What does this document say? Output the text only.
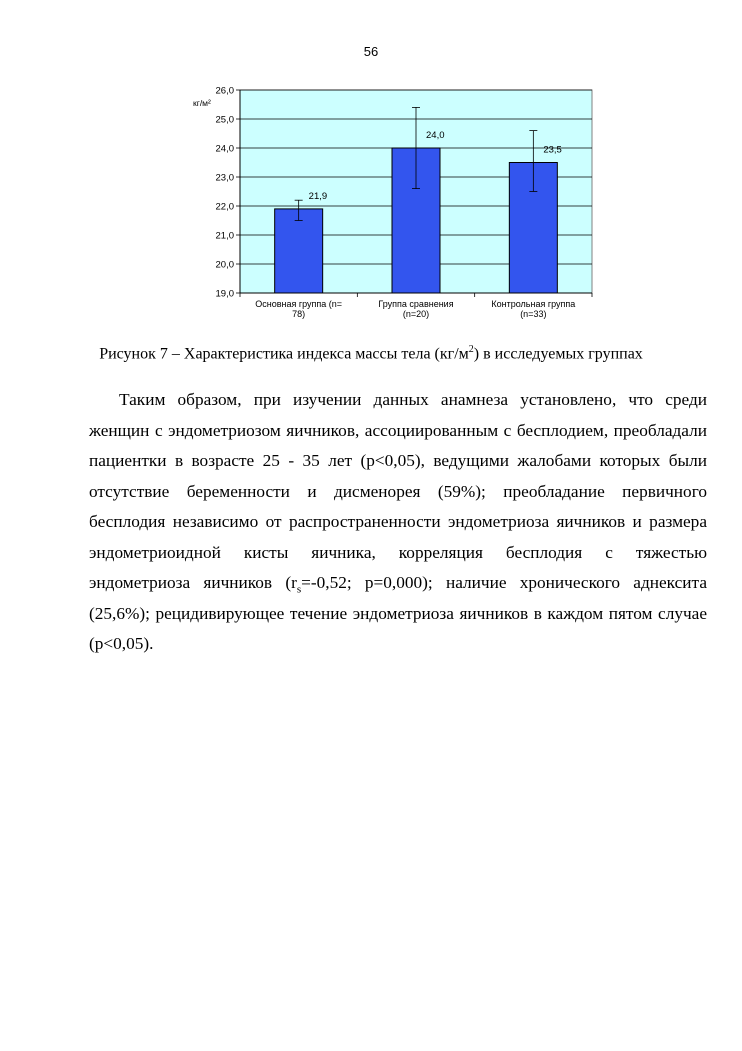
56
26,0
25,0
24,0
23,0
22,0
21,0
20,0
19,0
кг/м²
21,9
Основная группа (n=
78)
24,0
Группа сравнения
(n=20)
23,5
Контрольная группа
(n=33)
Рисунок 7 – Характеристика индекса массы тела $(кг/м^2)$ в исследуемых группах
Таким образом, при изучении данных анамнеза установлено, что среди
женщин с эндометриозом яичников, ассоциированным с бесплодием, преобладали
пациентки в возрасте 25 - 35 лет (p<0,05), ведущими жалобами которых были
отсутствие беременности и дисменорея (59%); преобладание первичного
бесплодия независимо от распространенности эндометриоза яичников и размера
эндометриоидной кисты яичника, корреляция бесплодия с тяжестью
эндометриоза яичников ($r_s=-0,52$; p=0,000); наличие хронического аднексита
(25,6%); рецидивирующее течение эндометриоза яичников в каждом пятом случае
(p<0,05).
